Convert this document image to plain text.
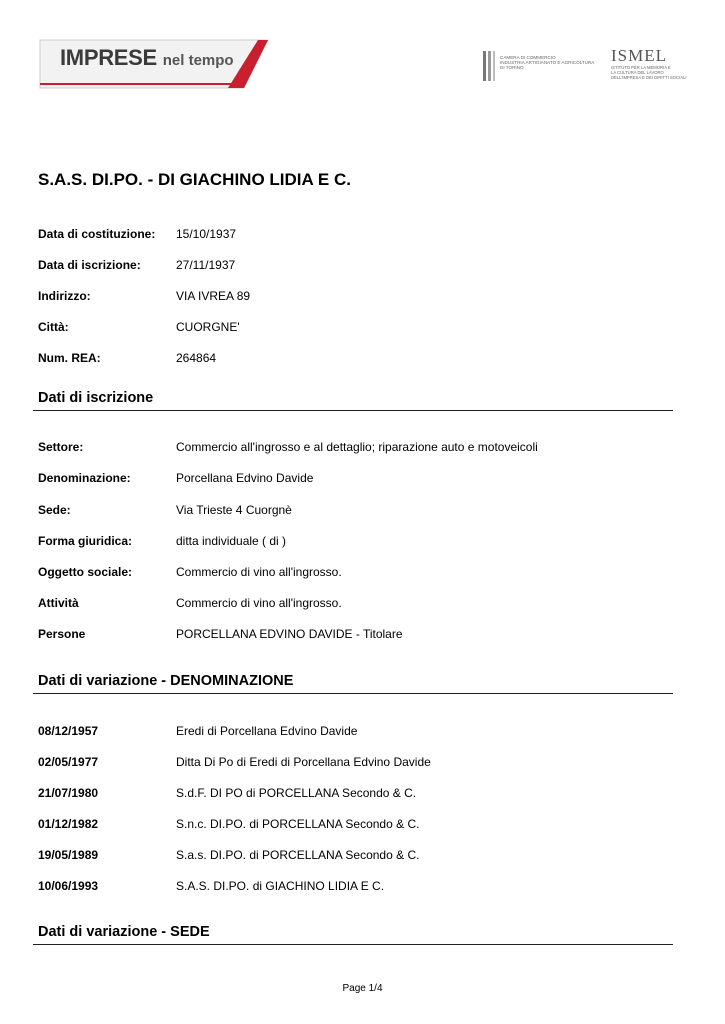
IMPRESE nel tempo	CAMERA DI COMMERCIO
INDUSTRIA ARTIGIANATO E AGRICOLTURA
DI TORINO
ISMEL
ISTITUTO PER LA MEMORIA E
LA CULTURA DEL LAVORO
DELL'IMPRESA E DEI DIRITTI SOCIALI
S.A.S. DI.PO. - DI GIACHINO LIDIA E C.
Data di costituzione: 15/10/1937
Data di iscrizione:	27/11/1937
Indirizzo:	VIA IVREA 89
Città:	CUORGNE'
Num. REA:	264864
Dati di iscrizione
Settore:	Commercio all'ingrosso e al dettaglio; riparazione auto e motoveicoli
Denominazione:	Porcellana Edvino Davide
Sede:	Via Trieste 4 Cuorgnè
Forma giuridica:	ditta individuale ( di )
Oggetto sociale:	Commercio di vino all'ingrosso.
Attività	Commercio di vino all'ingrosso.
Persone	PORCELLANA EDVINO DAVIDE - Titolare
Dati di variazione - DENOMINAZIONE
08/12/1957	Eredi di Porcellana Edvino Davide
02/05/1977	Ditta Di Po di Eredi di Porcellana Edvino Davide
21/07/1980	S.d.F. DI PO di PORCELLANA Secondo & C.
01/12/1982	S.n.c. DI.PO. di PORCELLANA Secondo & C.
19/05/1989	S.a.s. DI.PO. di PORCELLANA Secondo & C.
10/06/1993	S.A.S. DI.PO. di GIACHINO LIDIA E C.
Dati di variazione - SEDE
Page 1/4
